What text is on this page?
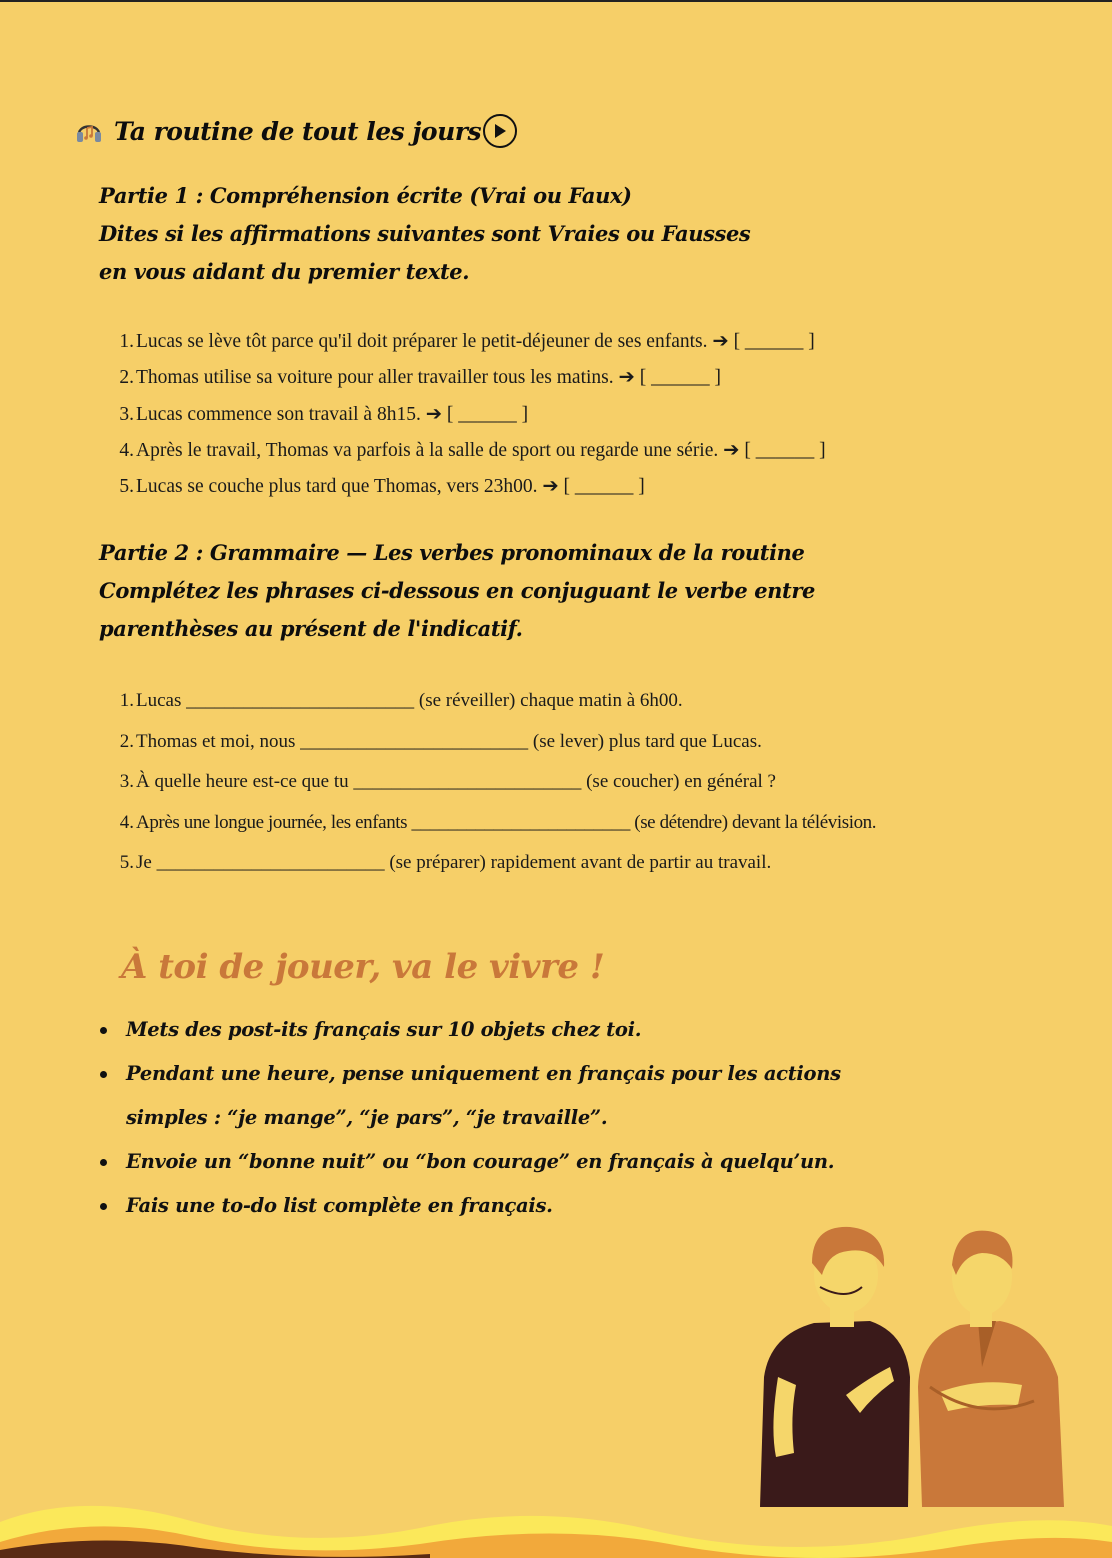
Ta routine de tout les jours
Partie 1 : Compréhension écrite (Vrai ou Faux)
Dites si les affirmations suivantes sont Vraies ou Fausses
en vous aidant du premier texte.
1. Lucas se lève tôt parce qu'il doit préparer le petit-déjeuner de ses enfants. ➔ [ ______ ]
2. Thomas utilise sa voiture pour aller travailler tous les matins. ➔ [ ______ ]
3. Lucas commence son travail à 8h15. ➔ [ ______ ]
4. Après le travail, Thomas va parfois à la salle de sport ou regarde une série. ➔ [ ______ ]
5. Lucas se couche plus tard que Thomas, vers 23h00. ➔ [ ______ ]
Partie 2 : Grammaire — Les verbes pronominaux de la routine
Complétez les phrases ci-dessous en conjuguant le verbe entre
parenthèses au présent de l'indicatif.
1. Lucas ________________________ (se réveiller) chaque matin à 6h00.
2. Thomas et moi, nous ________________________ (se lever) plus tard que Lucas.
3. À quelle heure est-ce que tu ________________________ (se coucher) en général ?
4. Après une longue journée, les enfants ________________________ (se détendre) devant la télévision.
5. Je ________________________ (se préparer) rapidement avant de partir au travail.
À toi de jouer, va le vivre !
Mets des post-its français sur 10 objets chez toi.
Pendant une heure, pense uniquement en français pour les actions
simples : “je mange”, “je pars”, “je travaille”.
Envoie un “bonne nuit” ou “bon courage” en français à quelqu’un.
Fais une to-do list complète en français.
